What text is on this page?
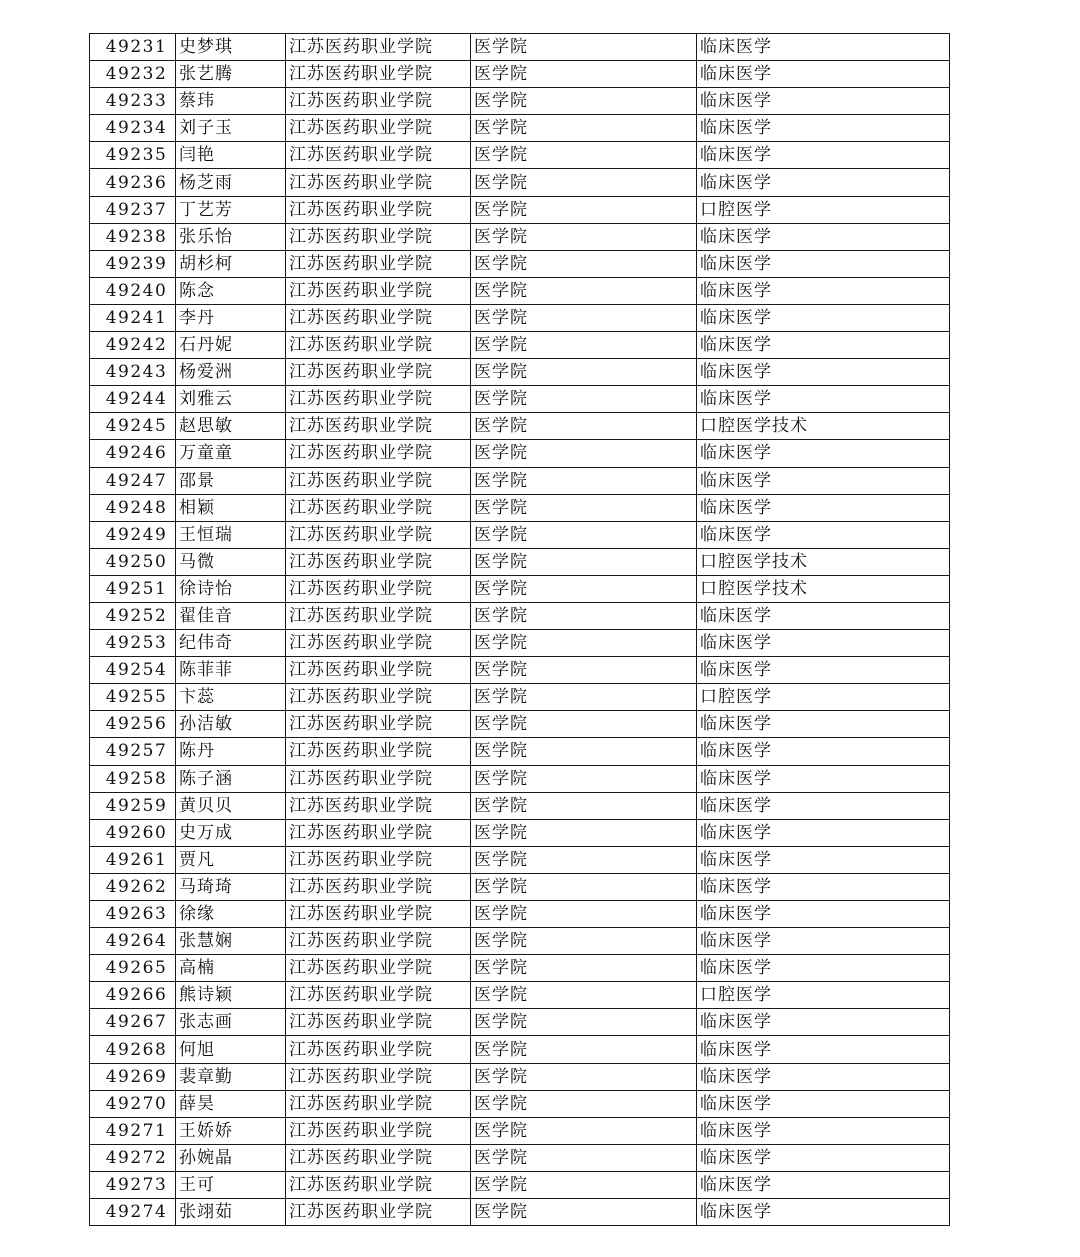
49231	史梦琪	江苏医药职业学院	医学院	临床医学
49232	张艺腾	江苏医药职业学院	医学院	临床医学
49233	蔡玮	江苏医药职业学院	医学院	临床医学
49234	刘子玉	江苏医药职业学院	医学院	临床医学
49235	闫艳	江苏医药职业学院	医学院	临床医学
49236	杨芝雨	江苏医药职业学院	医学院	临床医学
49237	丁艺芳	江苏医药职业学院	医学院	口腔医学
49238	张乐怡	江苏医药职业学院	医学院	临床医学
49239	胡杉柯	江苏医药职业学院	医学院	临床医学
49240	陈念	江苏医药职业学院	医学院	临床医学
49241	李丹	江苏医药职业学院	医学院	临床医学
49242	石丹妮	江苏医药职业学院	医学院	临床医学
49243	杨爱洲	江苏医药职业学院	医学院	临床医学
49244	刘雅云	江苏医药职业学院	医学院	临床医学
49245	赵思敏	江苏医药职业学院	医学院	口腔医学技术
49246	万童童	江苏医药职业学院	医学院	临床医学
49247	邵景	江苏医药职业学院	医学院	临床医学
49248	相颖	江苏医药职业学院	医学院	临床医学
49249	王恒瑞	江苏医药职业学院	医学院	临床医学
49250	马微	江苏医药职业学院	医学院	口腔医学技术
49251	徐诗怡	江苏医药职业学院	医学院	口腔医学技术
49252	翟佳音	江苏医药职业学院	医学院	临床医学
49253	纪伟奇	江苏医药职业学院	医学院	临床医学
49254	陈菲菲	江苏医药职业学院	医学院	临床医学
49255	卞蕊	江苏医药职业学院	医学院	口腔医学
49256	孙洁敏	江苏医药职业学院	医学院	临床医学
49257	陈丹	江苏医药职业学院	医学院	临床医学
49258	陈子涵	江苏医药职业学院	医学院	临床医学
49259	黄贝贝	江苏医药职业学院	医学院	临床医学
49260	史万成	江苏医药职业学院	医学院	临床医学
49261	贾凡	江苏医药职业学院	医学院	临床医学
49262	马琦琦	江苏医药职业学院	医学院	临床医学
49263	徐缘	江苏医药职业学院	医学院	临床医学
49264	张慧娴	江苏医药职业学院	医学院	临床医学
49265	高楠	江苏医药职业学院	医学院	临床医学
49266	熊诗颖	江苏医药职业学院	医学院	口腔医学
49267	张志画	江苏医药职业学院	医学院	临床医学
49268	何旭	江苏医药职业学院	医学院	临床医学
49269	裴章勤	江苏医药职业学院	医学院	临床医学
49270	薛昊	江苏医药职业学院	医学院	临床医学
49271	王娇娇	江苏医药职业学院	医学院	临床医学
49272	孙婉晶	江苏医药职业学院	医学院	临床医学
49273	王可	江苏医药职业学院	医学院	临床医学
49274	张翊茹	江苏医药职业学院	医学院	临床医学
